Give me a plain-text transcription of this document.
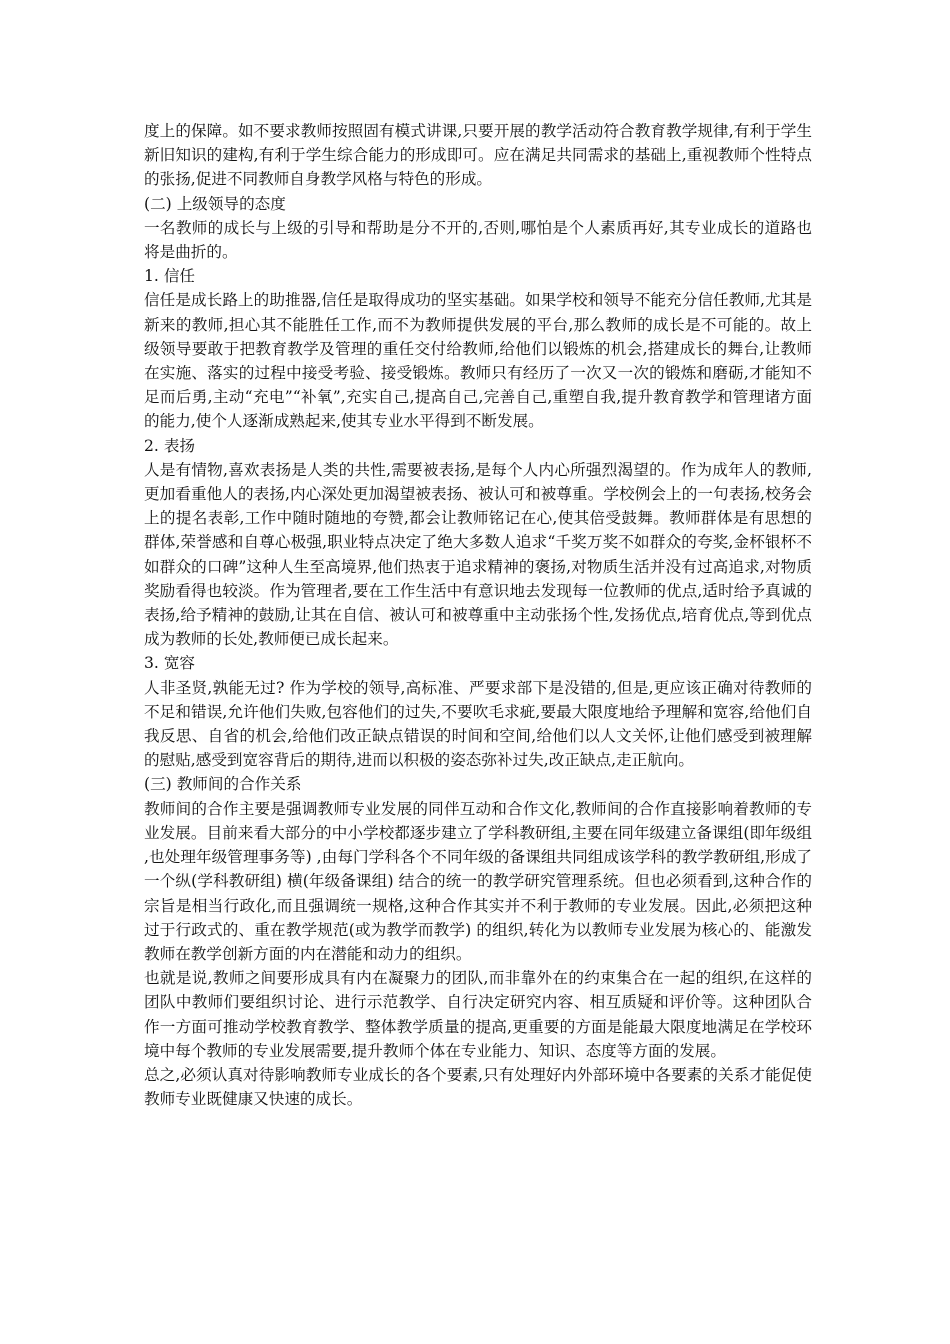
度上的保障。如不要求教师按照固有模式讲课,只要开展的教学活动符合教育教学规律,有利于学生新旧知识的建构,有利于学生综合能力的形成即可。应在满足共同需求的基础上,重视教师个性特点的张扬,促进不同教师自身教学风格与特色的形成。

(二) 上级领导的态度

一名教师的成长与上级的引导和帮助是分不开的,否则,哪怕是个人素质再好,其专业成长的道路也将是曲折的。

1. 信任

信任是成长路上的助推器,信任是取得成功的坚实基础。如果学校和领导不能充分信任教师,尤其是新来的教师,担心其不能胜任工作,而不为教师提供发展的平台,那么教师的成长是不可能的。故上级领导要敢于把教育教学及管理的重任交付给教师,给他们以锻炼的机会,搭建成长的舞台,让教师在实施、落实的过程中接受考验、接受锻炼。教师只有经历了一次又一次的锻炼和磨砺,才能知不足而后勇,主动“充电”“补氧”,充实自己,提高自己,完善自己,重塑自我,提升教育教学和管理诸方面的能力,使个人逐渐成熟起来,使其专业水平得到不断发展。

2. 表扬

人是有情物,喜欢表扬是人类的共性,需要被表扬,是每个人内心所强烈渴望的。作为成年人的教师,更加看重他人的表扬,内心深处更加渴望被表扬、被认可和被尊重。学校例会上的一句表扬,校务会上的提名表彰,工作中随时随地的夸赞,都会让教师铭记在心,使其倍受鼓舞。教师群体是有思想的群体,荣誉感和自尊心极强,职业特点决定了绝大多数人追求“千奖万奖不如群众的夸奖,金杯银杯不如群众的口碑”这种人生至高境界,他们热衷于追求精神的褒扬,对物质生活并没有过高追求,对物质奖励看得也较淡。作为管理者,要在工作生活中有意识地去发现每一位教师的优点,适时给予真诚的表扬,给予精神的鼓励,让其在自信、被认可和被尊重中主动张扬个性,发扬优点,培育优点,等到优点成为教师的长处,教师便已成长起来。

3. 宽容

人非圣贤,孰能无过? 作为学校的领导,高标准、严要求部下是没错的,但是,更应该正确对待教师的不足和错误,允许他们失败,包容他们的过失,不要吹毛求疵,要最大限度地给予理解和宽容,给他们自我反思、自省的机会,给他们改正缺点错误的时间和空间,给他们以人文关怀,让他们感受到被理解的慰贴,感受到宽容背后的期待,进而以积极的姿态弥补过失,改正缺点,走正航向。

(三) 教师间的合作关系

教师间的合作主要是强调教师专业发展的同伴互动和合作文化,教师间的合作直接影响着教师的专业发展。目前来看大部分的中小学校都逐步建立了学科教研组,主要在同年级建立备课组(即年级组,也处理年级管理事务等) ,由每门学科各个不同年级的备课组共同组成该学科的教学教研组,形成了一个纵(学科教研组) 横(年级备课组) 结合的统一的教学研究管理系统。但也必须看到,这种合作的宗旨是相当行政化,而且强调统一规格,这种合作其实并不利于教师的专业发展。因此,必须把这种过于行政式的、重在教学规范(或为教学而教学) 的组织,转化为以教师专业发展为核心的、能激发教师在教学创新方面的内在潜能和动力的组织。

也就是说,教师之间要形成具有内在凝聚力的团队,而非靠外在的约束集合在一起的组织,在这样的团队中教师们要组织讨论、进行示范教学、自行决定研究内容、相互质疑和评价等。这种团队合作一方面可推动学校教育教学、整体教学质量的提高,更重要的方面是能最大限度地满足在学校环境中每个教师的专业发展需要,提升教师个体在专业能力、知识、态度等方面的发展。

总之,必须认真对待影响教师专业成长的各个要素,只有处理好内外部环境中各要素的关系才能促使教师专业既健康又快速的成长。
